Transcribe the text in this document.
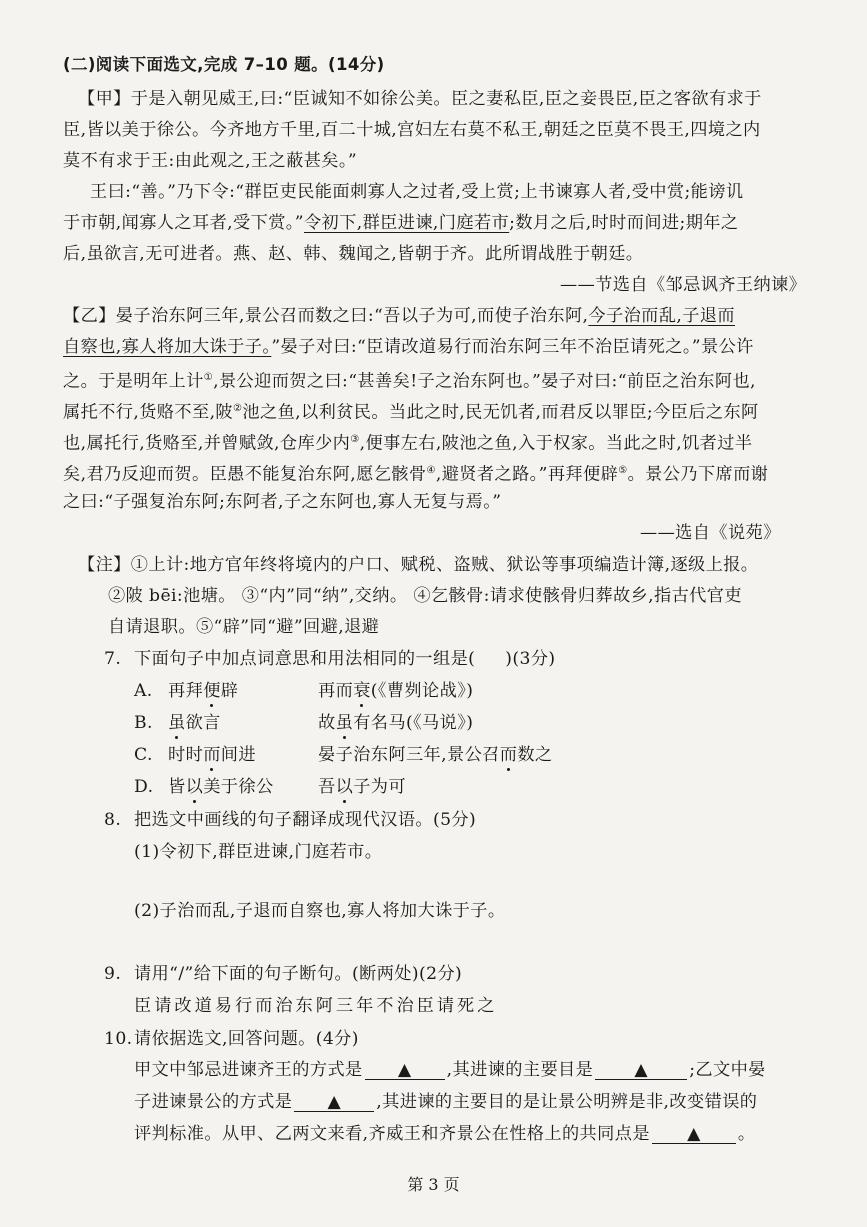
(二)阅读下面选文,完成 7–10 题。(14分)
【甲】于是入朝见威王,曰:“臣诚知不如徐公美。臣之妻私臣,臣之妾畏臣,臣之客欲有求于
臣,皆以美于徐公。今齐地方千里,百二十城,宫妇左右莫不私王,朝廷之臣莫不畏王,四境之内
莫不有求于王:由此观之,王之蔽甚矣。”
王曰:“善。”乃下令:“群臣吏民能面刺寡人之过者,受上赏;上书谏寡人者,受中赏;能谤讥
于市朝,闻寡人之耳者,受下赏。”令初下,群臣进谏,门庭若市;数月之后,时时而间进;期年之
后,虽欲言,无可进者。燕、赵、韩、魏闻之,皆朝于齐。此所谓战胜于朝廷。
——节选自《邹忌讽齐王纳谏》
【乙】晏子治东阿三年,景公召而数之曰:“吾以子为可,而使子治东阿,今子治而乱,子退而
自察也,寡人将加大诛于子。”晏子对曰:“臣请改道易行而治东阿三年不治臣请死之。”景公许
之。于是明年上计①,景公迎而贺之曰:“甚善矣!子之治东阿也。”晏子对曰:“前臣之治东阿也,
属托不行,货赂不至,陂②池之鱼,以利贫民。当此之时,民无饥者,而君反以罪臣;今臣后之东阿
也,属托行,货赂至,并曾赋敛,仓库少内③,便事左右,陂池之鱼,入于权家。当此之时,饥者过半
矣,君乃反迎而贺。臣愚不能复治东阿,愿乞骸骨④,避贤者之路。”再拜便辟⑤。景公乃下席而谢
之曰:“子强复治东阿;东阿者,子之东阿也,寡人无复与焉。”
——选自《说苑》
【注】①上计:地方官年终将境内的户口、赋税、盗贼、狱讼等事项编造计簿,逐级上报。
②陂 bēi:池塘。 ③“内”同“纳”,交纳。 ④乞骸骨:请求使骸骨归葬故乡,指古代官吏
自请退职。⑤“辟”同“避”回避,退避
7. 下面句子中加点词意思和用法相同的一组是( )(3分)
A. 再拜便辟	再而衰(《曹刿论战》)
B. 虽欲言	故虽有名马(《马说》)
C. 时时而间进	晏子治东阿三年,景公召而数之
D. 皆以美于徐公	吾以子为可
8. 把选文中画线的句子翻译成现代汉语。(5分)
(1)令初下,群臣进谏,门庭若市。
(2)子治而乱,子退而自察也,寡人将加大诛于子。
9. 请用“/”给下面的句子断句。(断两处)(2分)
臣请改道易行而治东阿三年不治臣请死之
10. 请依据选文,回答问题。(4分)
甲文中邹忌进谏齐王的方式是 ▲ ,其进谏的主要目是 ▲ ;乙文中晏
子进谏景公的方式是 ▲ ,其进谏的主要目的是让景公明辨是非,改变错误的
评判标准。从甲、乙两文来看,齐威王和齐景公在性格上的共同点是 ▲ 。
第 3 页
